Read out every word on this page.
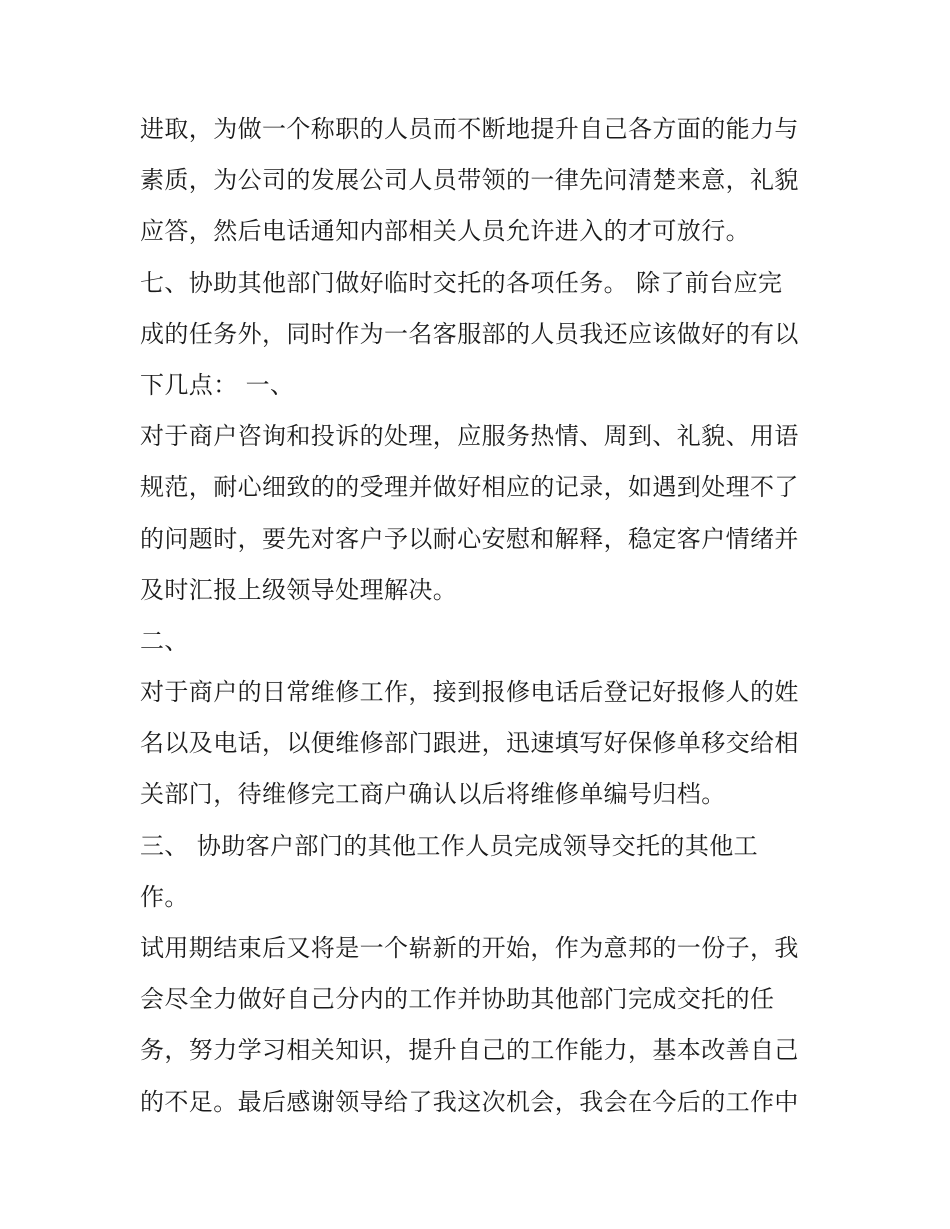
进取，为做一个称职的人员而不断地提升自己各方面的能力与
素质，为公司的发展公司人员带领的一律先问清楚来意，礼貌
应答，然后电话通知内部相关人员允许进入的才可放行。
七、协助其他部门做好临时交托的各项任务。 除了前台应完
成的任务外，同时作为一名客服部的人员我还应该做好的有以
下几点： 一、
对于商户咨询和投诉的处理，应服务热情、周到、礼貌、用语
规范，耐心细致的的受理并做好相应的记录，如遇到处理不了
的问题时，要先对客户予以耐心安慰和解释，稳定客户情绪并
及时汇报上级领导处理解决。
二、
对于商户的日常维修工作，接到报修电话后登记好报修人的姓
名以及电话，以便维修部门跟进，迅速填写好保修单移交给相
关部门，待维修完工商户确认以后将维修单编号归档。
三、 协助客户部门的其他工作人员完成领导交托的其他工
作。
试用期结束后又将是一个崭新的开始，作为意邦的一份子，我
会尽全力做好自己分内的工作并协助其他部门完成交托的任
务，努力学习相关知识，提升自己的工作能力，基本改善自己
的不足。最后感谢领导给了我这次机会，我会在今后的工作中
